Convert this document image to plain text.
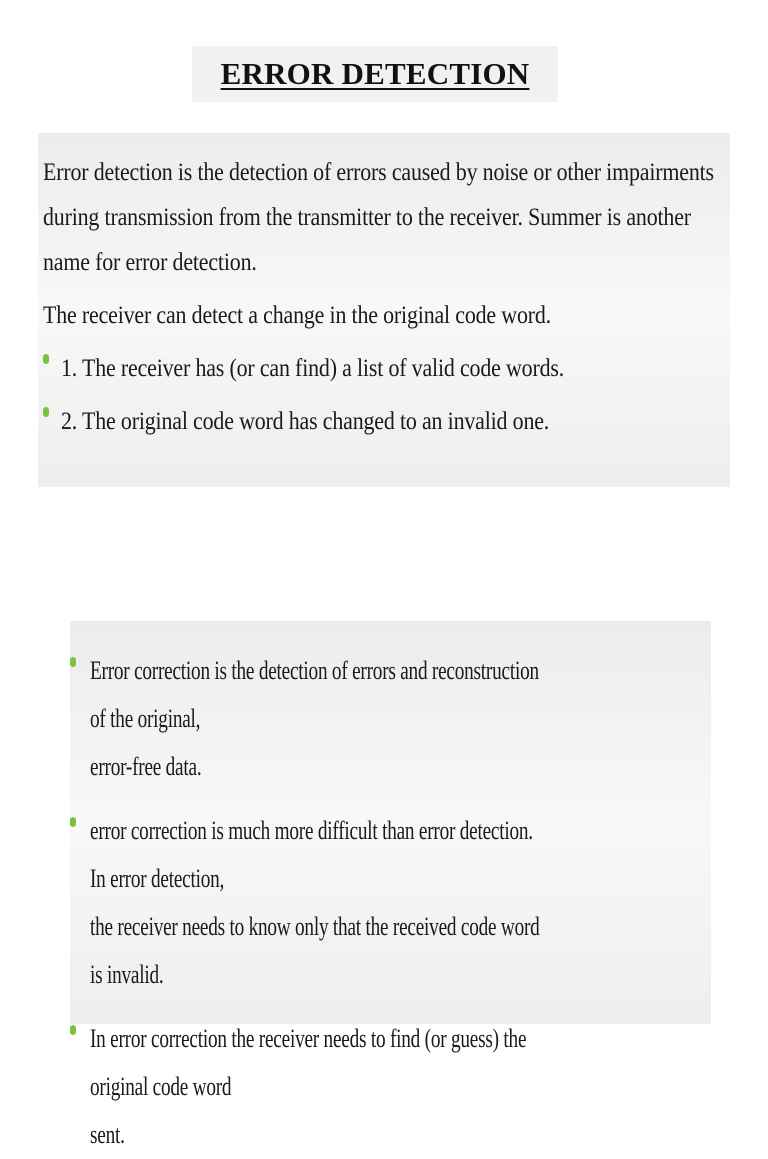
ERROR DETECTION

Error detection is the detection of errors caused by noise or other impairments
during transmission from the transmitter to the receiver. Summer is another
name for error detection.

The receiver can detect a change in the original code word.

1. The receiver has (or can find) a list of valid code words.
2. The original code word has changed to an invalid one.
Error correction is the detection of errors and reconstruction of the original,
error-free data.
error correction is much more difficult than error detection. In error detection,
the receiver needs to know only that the received code word is invalid.
In error correction the receiver needs to find (or guess) the original code word
sent.
